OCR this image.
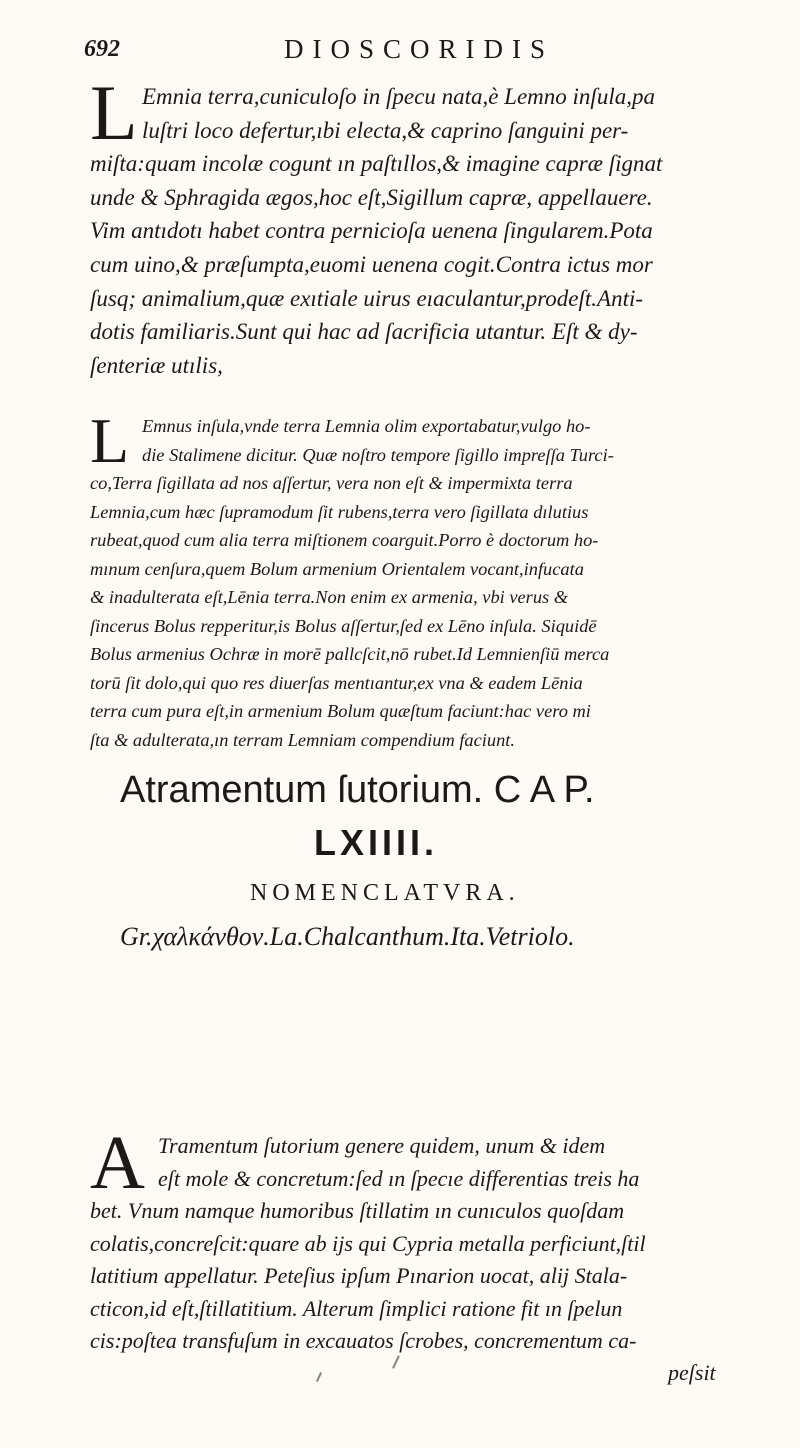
692	DIOSCORIDIS
L Emnia terra,cuniculoſo in ſpecu nata,è Lemno inſula,pa
luſtri loco defertur,ıbi electa,& caprino ſanguini per-
miſta:quam incolæ cogunt ın paſtıllos,& imagine capræ ſignat
unde & Sphragida ægos,hoc eſt,Sigillum capræ, appellauere.
Vim antıdotı habet contra pernicioſa uenena ſingularem.Pota
cum uino,& præſumpta,euomi uenena cogit.Contra ictus mor
ſusq; animalium,quæ exıtiale uirus eıaculantur,prodeſt.Anti-
dotis familiaris.Sunt qui hac ad ſacrificia utantur. Eſt & dy-
ſenteriæ utılis,
L Emnus inſula,vnde terra Lemnia olim exportabatur,vulgo ho-
die Stalimene dicitur. Quæ noſtro tempore ſigillo impreſſa Turci-
co,Terra ſigillata ad nos aſſertur, vera non eſt & impermixta terra
Lemnia,cum hæc ſupramodum ſit rubens,terra vero ſigillata dılutius
rubeat,quod cum alia terra miſtionem coarguit.Porro è doctorum ho-
mınum cenſura,quem Bolum armenium Orientalem vocant,infucata
& inadulterata eſt,Lēnia terra.Non enim ex armenia, vbi verus &
ſincerus Bolus repperitur,is Bolus aſſertur,ſed ex Lēno inſula. Siquidē
Bolus armenius Ochræ in morē pallcſcit,nō rubet.Id Lemnienſiū merca
torū ſit dolo,qui quo res diuerſas mentıantur,ex vna & eadem Lēnia
terra cum pura eſt,in armenium Bolum quæſtum faciunt:hac vero mi
ſta & adulterata,ın terram Lemniam compendium faciunt.
Atramentum ſutorium. C A P.
LXIIII.
NOMENCLATVRA.
Gr.χαλκάνθον.La.Chalcanthum.Ita.Vetriolo.
A Tramentum ſutorium genere quidem, unum & idem
eſt mole & concretum:ſed ın ſpecıe differentias treis ha
bet. Vnum namque humoribus ſtillatim ın cunıculos quoſdam
colatis,concreſcit:quare ab ijs qui Cypria metalla perficiunt,ſtil
latitium appellatur. Peteſius ipſum Pınarion uocat, alij Stala-
cticon,id eſt,ſtillatitium. Alterum ſimplici ratione fit ın ſpelun
cis:poſtea transfuſum in excauatos ſcrobes, concrementum ca-
peſsit
